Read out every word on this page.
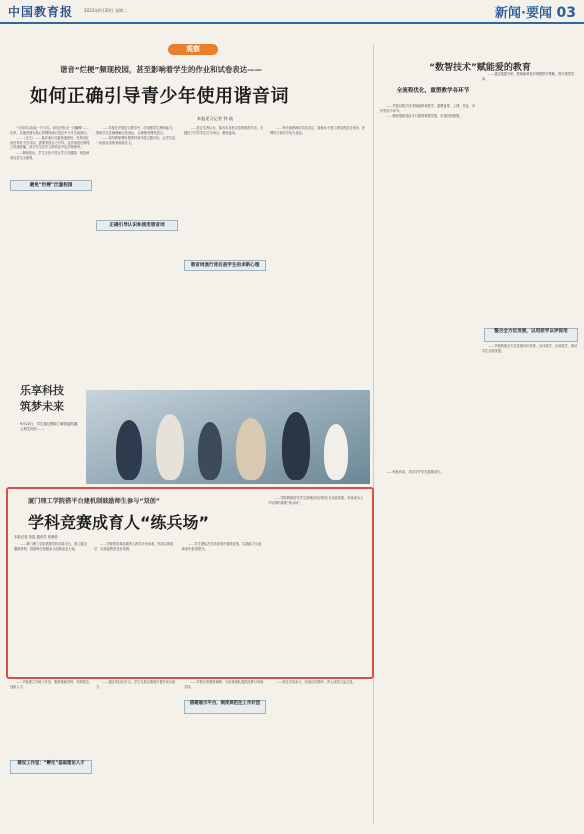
中国教育报	2023年6月20日 星期二	新闻·要闻 03
观察
谐音“烂梗”频现校园，甚至影响着学生的作业和试卷表达——
如何正确引导青少年使用谐音词
本报见习记者 钟 琉

“大风可以吹起一只飞鸟，却无法吹走一只蝴蝶”……近来，以谐音梗为核心的网络流行语在中小学生间流行。

……（正文）……谐音流行词更新速度快，有的词汇甚至带有不良导向，需要家校合力引导。这类词语在网络上快速传播，部分学生在作文和作业中也开始使用。

……教师指出，学生正处于语言学习关键期，规范使用汉语尤为重要。

避免“烂梗”泛滥校园

……学校在开展语文教学中，应加强学生辨别能力，帮助学生正确理解汉语表达，合理使用网络语言。

……有的教师利用课堂时间开展主题讨论，让学生说一说谐音词的来源和含义。

正确引导认识和使用谐音词

……语言学者认为，谐音本身是汉语的修辞手法，关键在于引导学生区分场合，避免滥用。

谐音词流行背后是学生的求新心理

……家长和教师应共同关注，帮助孩子建立规范的语言意识，在网络与现实中恰当表达。

乐享科技
筑梦未来
9月20日，学生通过模拟了解智能机器人相关知识……
厦门理工学院搭平台建机制鼓励师生参与“双创”
学科竞赛成育人“练兵场”
本报记者 刘盾 通讯员 张晓菲

……厦门理工学院搭建学科竞赛平台，建立健全激励机制，鼓励师生积极参与创新创业大赛。

……学校将竞赛成果纳入教学评价体系，形成以赛促学、以赛促教的良好氛围。

……学生团队在各类竞赛中屡获佳绩，实践能力与创新意识显著提升。

……学院教师指导学生将理论知识转化为实践成果，竞赛成为人才培养的重要“练兵场”。

……学校建立导师工作室，聚焦基础学科，培养拔尖创新人才。

建设工作室：“孵化”基础理论人才

……通过项目化学习，学生在真实情境中提升综合能力。

……学校完善制度保障，为参赛团队提供经费与场地支持。

搭建展示平台，制度规范往工作好团

……师生共同参与，形成良性循环，育人成效日益凸显。

“数智技术”赋能爱的教育
全流程优化，重塑教学各环节

……学校以数字技术赋能教育教学，重塑备课、上课、作业、评价等各个环节。

……教师借助智能平台精准掌握学情，实现因材施教。

……通过数据分析，教师能够及时调整教学策略，提升课堂效率。

整合全方位发展，以用促学以评促用

……学校构建全方位发展评价体系，以评促学、以用促学，推动学生全面发展。

……家校协同，共同守护学生健康成长。
